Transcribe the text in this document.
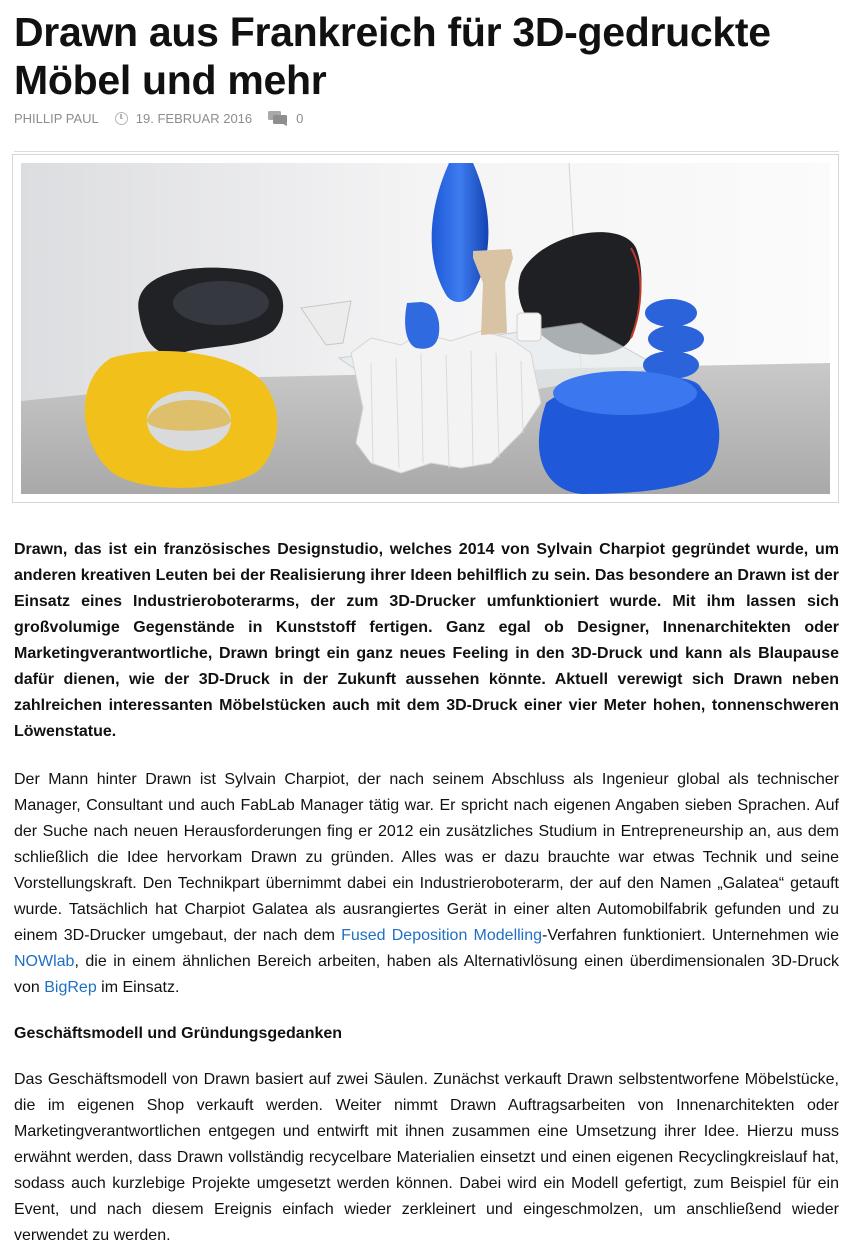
Drawn aus Frankreich für 3D-gedruckte Möbel und mehr
PHILLIP PAUL	19. FEBRUAR 2016	0

Drawn, das ist ein französisches Designstudio, welches 2014 von Sylvain Charpiot gegründet wurde, um anderen kreativen Leuten bei der Realisierung ihrer Ideen behilflich zu sein. Das besondere an Drawn ist der Einsatz eines Industrieroboterarms, der zum 3D-Drucker umfunktioniert wurde. Mit ihm lassen sich großvolumige Gegenstände in Kunststoff fertigen. Ganz egal ob Designer, Innenarchitekten oder Marketingverantwortliche, Drawn bringt ein ganz neues Feeling in den 3D-Druck und kann als Blaupause dafür dienen, wie der 3D-Druck in der Zukunft aussehen könnte. Aktuell verewigt sich Drawn neben zahlreichen interessanten Möbelstücken auch mit dem 3D-Druck einer vier Meter hohen, tonnenschweren Löwenstatue.

Der Mann hinter Drawn ist Sylvain Charpiot, der nach seinem Abschluss als Ingenieur global als technischer Manager, Consultant und auch FabLab Manager tätig war. Er spricht nach eigenen Angaben sieben Sprachen. Auf der Suche nach neuen Herausforderungen fing er 2012 ein zusätzliches Studium in Entrepreneurship an, aus dem schließlich die Idee hervorkam Drawn zu gründen. Alles was er dazu brauchte war etwas Technik und seine Vorstellungskraft. Den Technikpart übernimmt dabei ein Industrieroboterarm, der auf den Namen „Galatea“ getauft wurde. Tatsächlich hat Charpiot Galatea als ausrangiertes Gerät in einer alten Automobilfabrik gefunden und zu einem 3D-Drucker umgebaut, der nach dem Fused Deposition Modelling-Verfahren funktioniert. Unternehmen wie NOWlab, die in einem ähnlichen Bereich arbeiten, haben als Alternativlösung einen überdimensionalen 3D-Druck von BigRep im Einsatz.

Geschäftsmodell und Gründungsgedanken

Das Geschäftsmodell von Drawn basiert auf zwei Säulen. Zunächst verkauft Drawn selbstentworfene Möbelstücke, die im eigenen Shop verkauft werden. Weiter nimmt Drawn Auftragsarbeiten von Innenarchitekten oder Marketingverantwortlichen entgegen und entwirft mit ihnen zusammen eine Umsetzung ihrer Idee. Hierzu muss erwähnt werden, dass Drawn vollständig recycelbare Materialien einsetzt und einen eigenen Recyclingkreislauf hat, sodass auch kurzlebige Projekte umgesetzt werden können. Dabei wird ein Modell gefertigt, zum Beispiel für ein Event, und nach diesem Ereignis einfach wieder zerkleinert und eingeschmolzen, um anschließend wieder verwendet zu werden.
